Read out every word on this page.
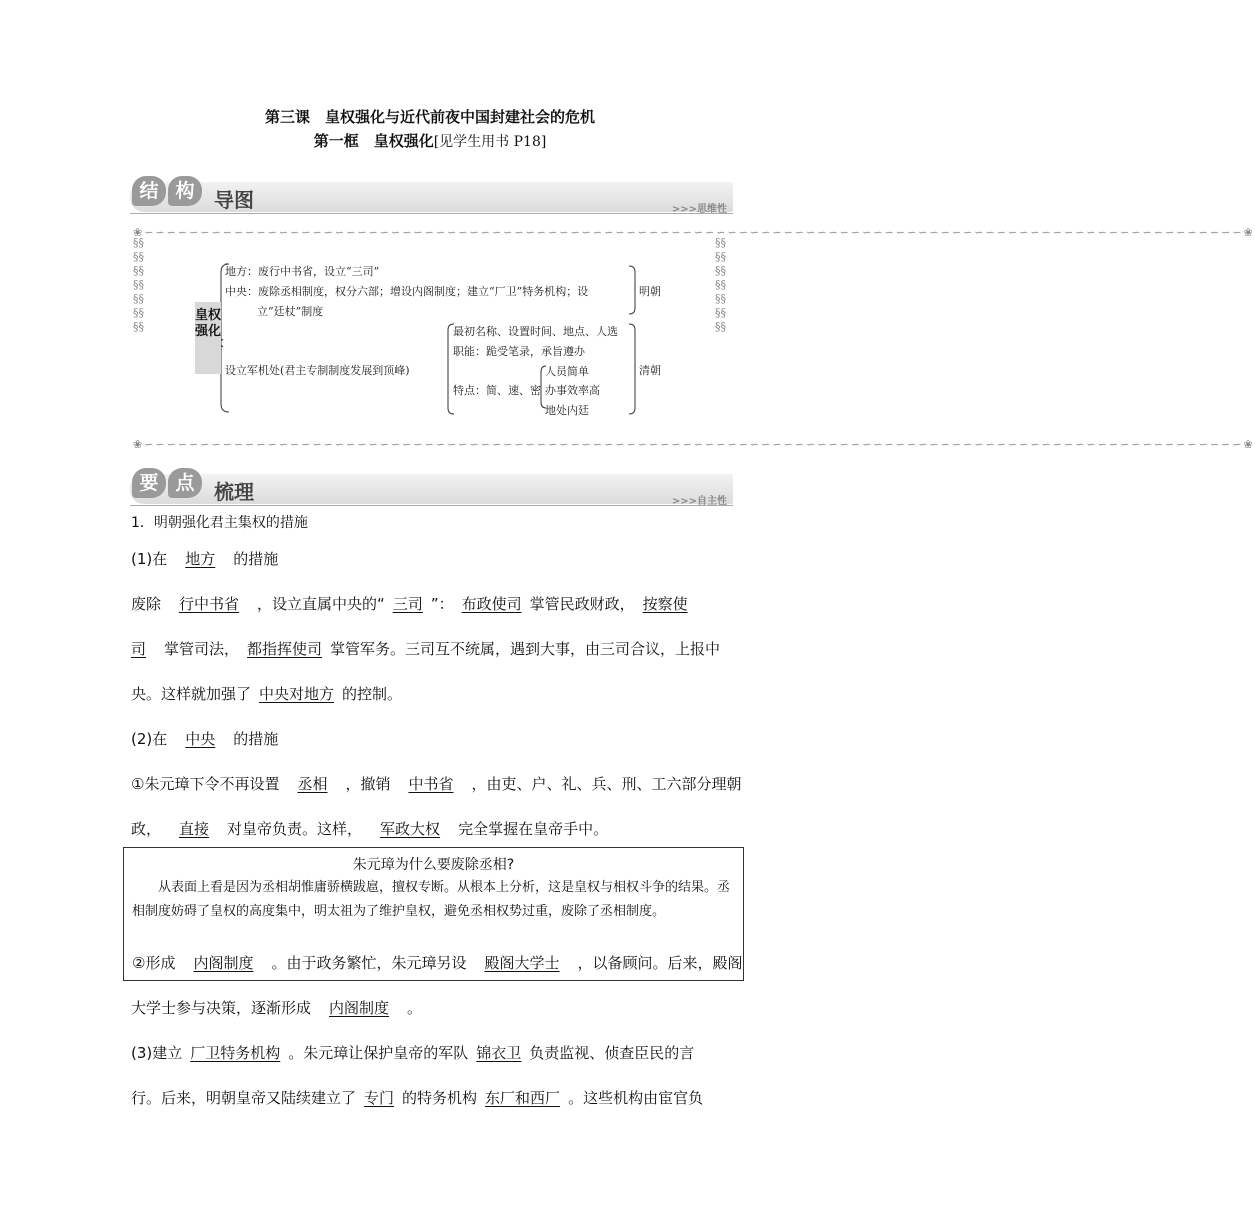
第三课　皇权强化与近代前夜中国封建社会的危机
第一框　皇权强化[见学生用书 P18]
结 构 导图	>>>思维性
❀∽∽∽∽∽∽∽∽∽∽∽∽∽∽∽∽∽∽∽∽∽∽∽∽∽∽∽∽∽∽∽∽∽∽∽∽∽∽∽∽∽∽∽∽∽∽∽∽∽∽∽∽∽∽∽∽∽∽∽∽∽∽∽∽∽∽∽∽∽∽∽∽∽∽∽∽∽∽∽∽∽∽∽∽∽∽∽∽∽∽∽∽∽∽∽∽∽∽❀
❀∽∽∽∽∽∽∽∽∽∽∽∽∽∽∽∽∽∽∽∽∽∽∽∽∽∽∽∽∽∽∽∽∽∽∽∽∽∽∽∽∽∽∽∽∽∽∽∽∽∽∽∽∽∽∽∽∽∽∽∽∽∽∽∽∽∽∽∽∽∽∽∽∽∽∽∽∽∽∽∽∽∽∽∽∽∽∽∽∽∽∽∽∽∽∽∽∽∽❀
§§§§§§§§§§§§§§
§§§§§§§§§§§§§§
皇权强化
地方：废行中书省，设立“三司”
中央：废除丞相制度，权分六部；增设内阁制度；建立“厂卫”特务机构；设
立“廷杖”制度
明朝
设立军机处(君主专制制度发展到顶峰)
最初名称、设置时间、地点、人选
职能：跪受笔录，承旨遵办
特点：简、速、密
人员简单
办事效率高
地处内廷
清朝
要 点 梳理	>>>自主性
1．明朝强化君主集权的措施
(1)在 地方 的措施
废除 行中书省 ，设立直属中央的“ 三司 ”： 布政使司 掌管民政财政， 按察使
司 掌管司法， 都指挥使司 掌管军务。三司互不统属，遇到大事，由三司合议，上报中
央。这样就加强了 中央对地方 的控制。
(2)在 中央 的措施
①朱元璋下令不再设置 丞相 ，撤销 中书省 ，由吏、户、礼、兵、刑、工六部分理朝
政， 直接 对皇帝负责。这样， 军政大权 完全掌握在皇帝手中。
朱元璋为什么要废除丞相?
从表面上看是因为丞相胡惟庸骄横跋扈，擅权专断。从根本上分析，这是皇权与相权斗争的结果。丞相制度妨碍了皇权的高度集中，明太祖为了维护皇权，避免丞相权势过重，废除了丞相制度。
②形成 内阁制度 。由于政务繁忙，朱元璋另设 殿阁大学士 ，以备顾问。后来，殿阁
大学士参与决策，逐渐形成 内阁制度 。
(3)建立 厂卫特务机构 。朱元璋让保护皇帝的军队 锦衣卫 负责监视、侦查臣民的言
行。后来，明朝皇帝又陆续建立了 专门 的特务机构 东厂和西厂 。这些机构由宦官负
